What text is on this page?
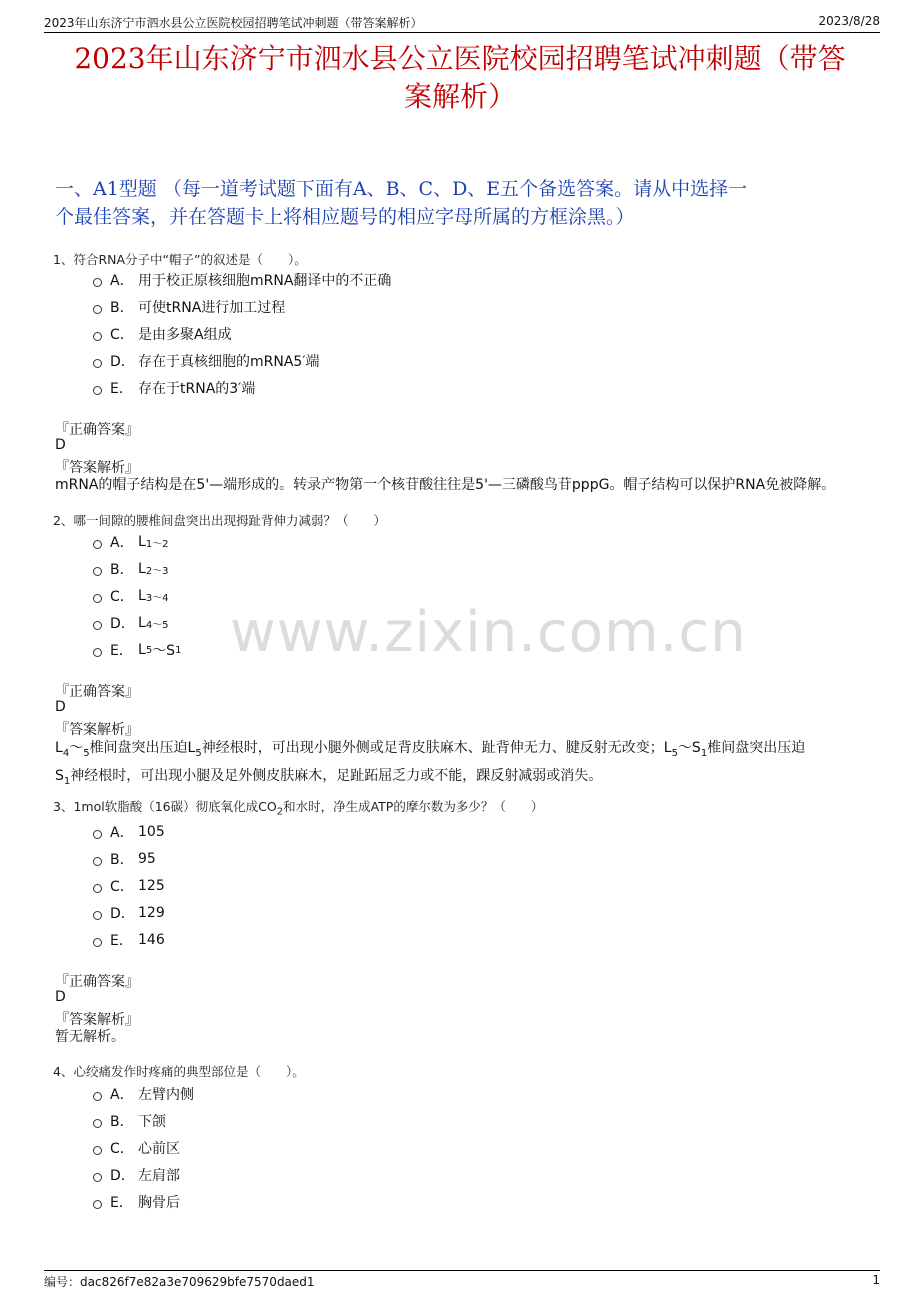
2023年山东济宁市泗水县公立医院校园招聘笔试冲刺题（带答案解析）	2023/8/28
2023年山东济宁市泗水县公立医院校园招聘笔试冲刺题（带答
案解析）
一、A1型题 （每一道考试题下面有A、B、C、D、E五个备选答案。请从中选择一
个最佳答案，并在答题卡上将相应题号的相应字母所属的方框涂黑。）
1、符合RNA分子中“帽子”的叙述是（　　）。
A． 用于校正原核细胞mRNA翻译中的不正确
B． 可使tRNA进行加工过程
C． 是由多聚A组成
D． 存在于真核细胞的mRNA5′端
E． 存在于tRNA的3′端
『正确答案』
D
『答案解析』
mRNA的帽子结构是在5'—端形成的。转录产物第一个核苷酸往往是5'—三磷酸鸟苷pppG。帽子结构可以保护RNA免被降解。
2、哪一间隙的腰椎间盘突出出现拇趾背伸力减弱？（　　）
A． L 1～2
B． L 2～3
C． L 3～4
D． L 4～5
E． L 5 ～S 1
『正确答案』
D
『答案解析』
$L_4\sim_5$椎间盘突出压迫$L_5$神经根时，可出现小腿外侧或足背皮肤麻木、趾背伸无力、腱反射无改变；$L_5\sim S_1$椎间盘突出压迫
$S_1$神经根时，可出现小腿及足外侧皮肤麻木，足趾跖屈乏力或不能，踝反射减弱或消失。
www.zixin.com.cn
3、1mol软脂酸（16碳）彻底氧化成$CO_2$和水时，净生成ATP的摩尔数为多少？（　　）
A． 105
B． 95
C． 125
D． 129
E． 146
『正确答案』
D
『答案解析』
暂无解析。
4、心绞痛发作时疼痛的典型部位是（　　）。
A． 左臂内侧
B． 下颌
C． 心前区
D． 左肩部
E． 胸骨后
编号：dac826f7e82a3e709629bfe7570daed1	1
